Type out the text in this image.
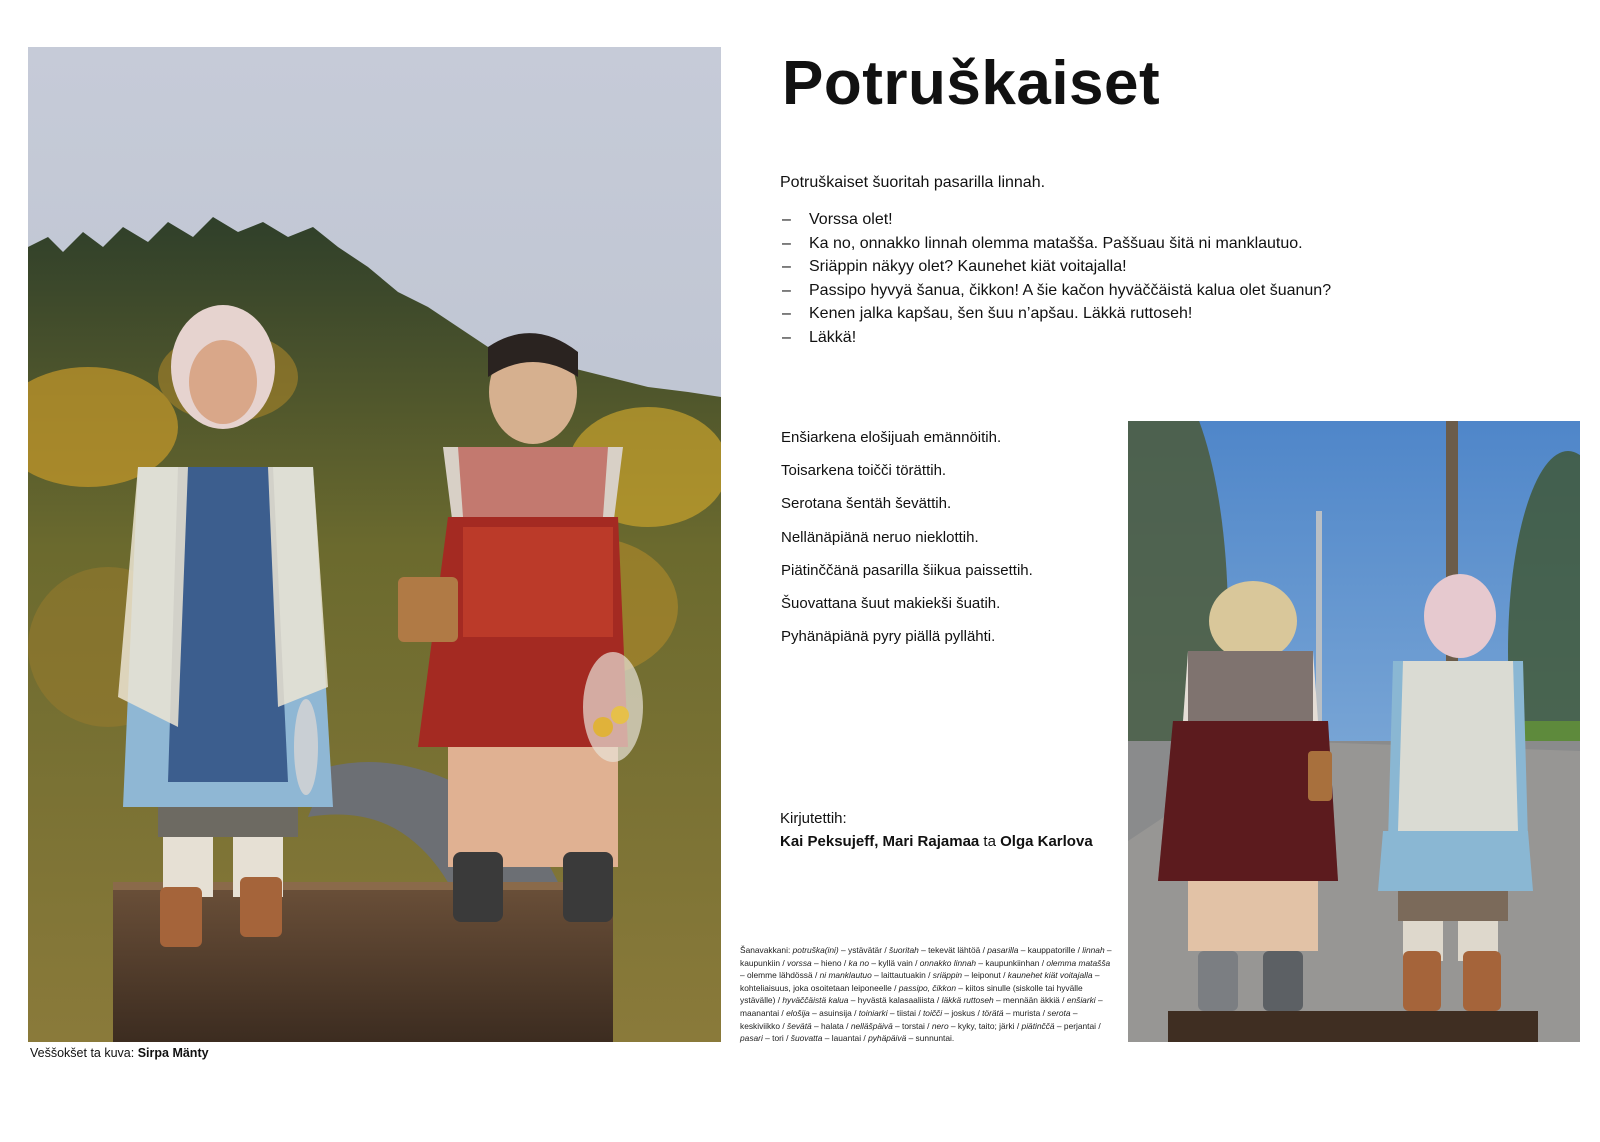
Veššokšet ta kuva: Sirpa Mänty
Potruškaiset
Potruškaiset šuoritah pasarilla linnah.
– Vorssa olet!
– Ka no, onnakko linnah olemma matašša. Paššuau šitä ni manklautuo.
– Sriäppin näkyy olet? Kaunehet kiät voitajalla!
– Passipo hyvyä šanua, čikkon! A šie kačon hyväččäistä kalua olet šuanun?
– Kenen jalka kapšau, šen šuu n’apšau. Läkkä ruttoseh!
– Läkkä!
Enšiarkena elošijuah emännöitih.
Toisarkena toičči törättih.
Serotana šentäh ševättih.
Nellänäpiänä neruo nieklottih.
Piätinččänä pasarilla šiikua paissettih.
Šuovattana šuut makiekši šuatih.
Pyhänäpiänä pyry piällä pyllähti.
Kirjutettih:
Kai Peksujeff, Mari Rajamaa ta Olga Karlova
Šanavakkani: potruška(ini) – ystävätär / šuoritah – tekevät lähtöä / pasarilla – kauppatorille / linnah – kaupunkiin / vorssa – hieno / ka no – kyllä vain / onnakko linnah – kaupunkiinhan / olemma matašša – olemme lähdössä / ni manklautuo – laittautuakin / sriäppin – leiponut / kaunehet kiät voitajalla – kohteliaisuus, joka osoitetaan leiponeelle / passipo, čikkon – kiitos sinulle (siskolle tai hyvälle ystävälle) / hyväččäistä kalua – hyvästä kalasaaliista / läkkä ruttoseh – mennään äkkiä / enšiarki – maanantai / elošija – asuinsija / toiniarki – tiistai / toičči – joskus / törätä – murista / serota – keskiviikko / ševätä – halata / nelläšpäivä – torstai / nero – kyky, taito; järki / piätinččä – perjantai / pasari – tori / šuovatta – lauantai / pyhäpäivä – sunnuntai.
